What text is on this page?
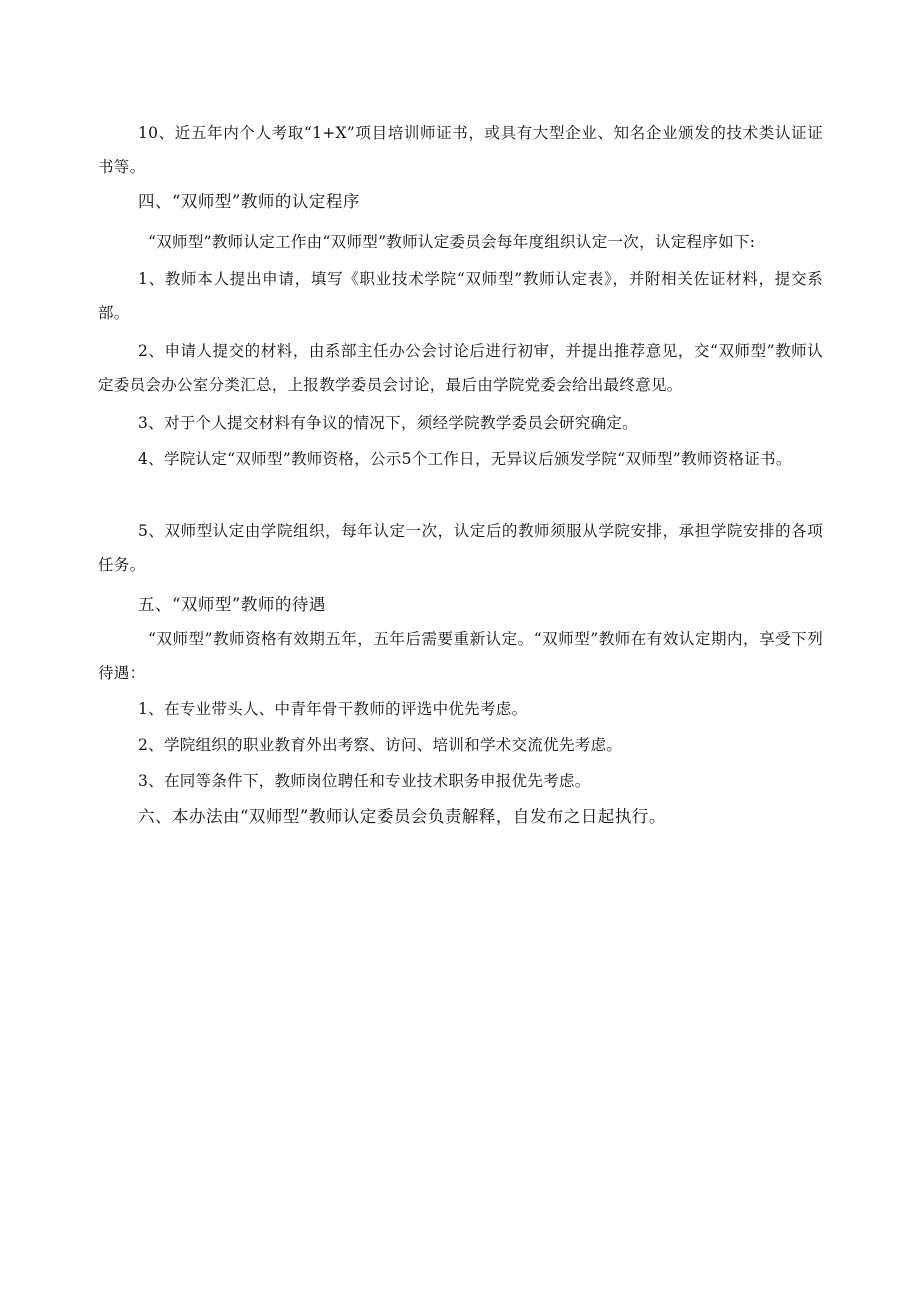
10、近五年内个人考取“1+X”项目培训师证书，或具有大型企业、知名企业颁发的技术类认证证书等。

四、“双师型”教师的认定程序

“双师型”教师认定工作由“双师型”教师认定委员会每年度组织认定一次，认定程序如下:

1、教师本人提出申请，填写《职业技术学院“双师型”教师认定表》，并附相关佐证材料，提交系部。

2、申请人提交的材料，由系部主任办公会讨论后进行初审，并提出推荐意见，交“双师型”教师认定委员会办公室分类汇总，上报教学委员会讨论，最后由学院党委会给出最终意见。

3、对于个人提交材料有争议的情况下，须经学院教学委员会研究确定。

4、学院认定“双师型”教师资格，公示5个工作日，无异议后颁发学院“双师型”教师资格证书。

5、双师型认定由学院组织，每年认定一次，认定后的教师须服从学院安排，承担学院安排的各项任务。

五、“双师型”教师的待遇

“双师型”教师资格有效期五年，五年后需要重新认定。“双师型”教师在有效认定期内，享受下列待遇：

1、在专业带头人、中青年骨干教师的评选中优先考虑。

2、学院组织的职业教育外出考察、访问、培训和学术交流优先考虑。

3、在同等条件下，教师岗位聘任和专业技术职务申报优先考虑。

六、本办法由“双师型”教师认定委员会负责解释，自发布之日起执行。
